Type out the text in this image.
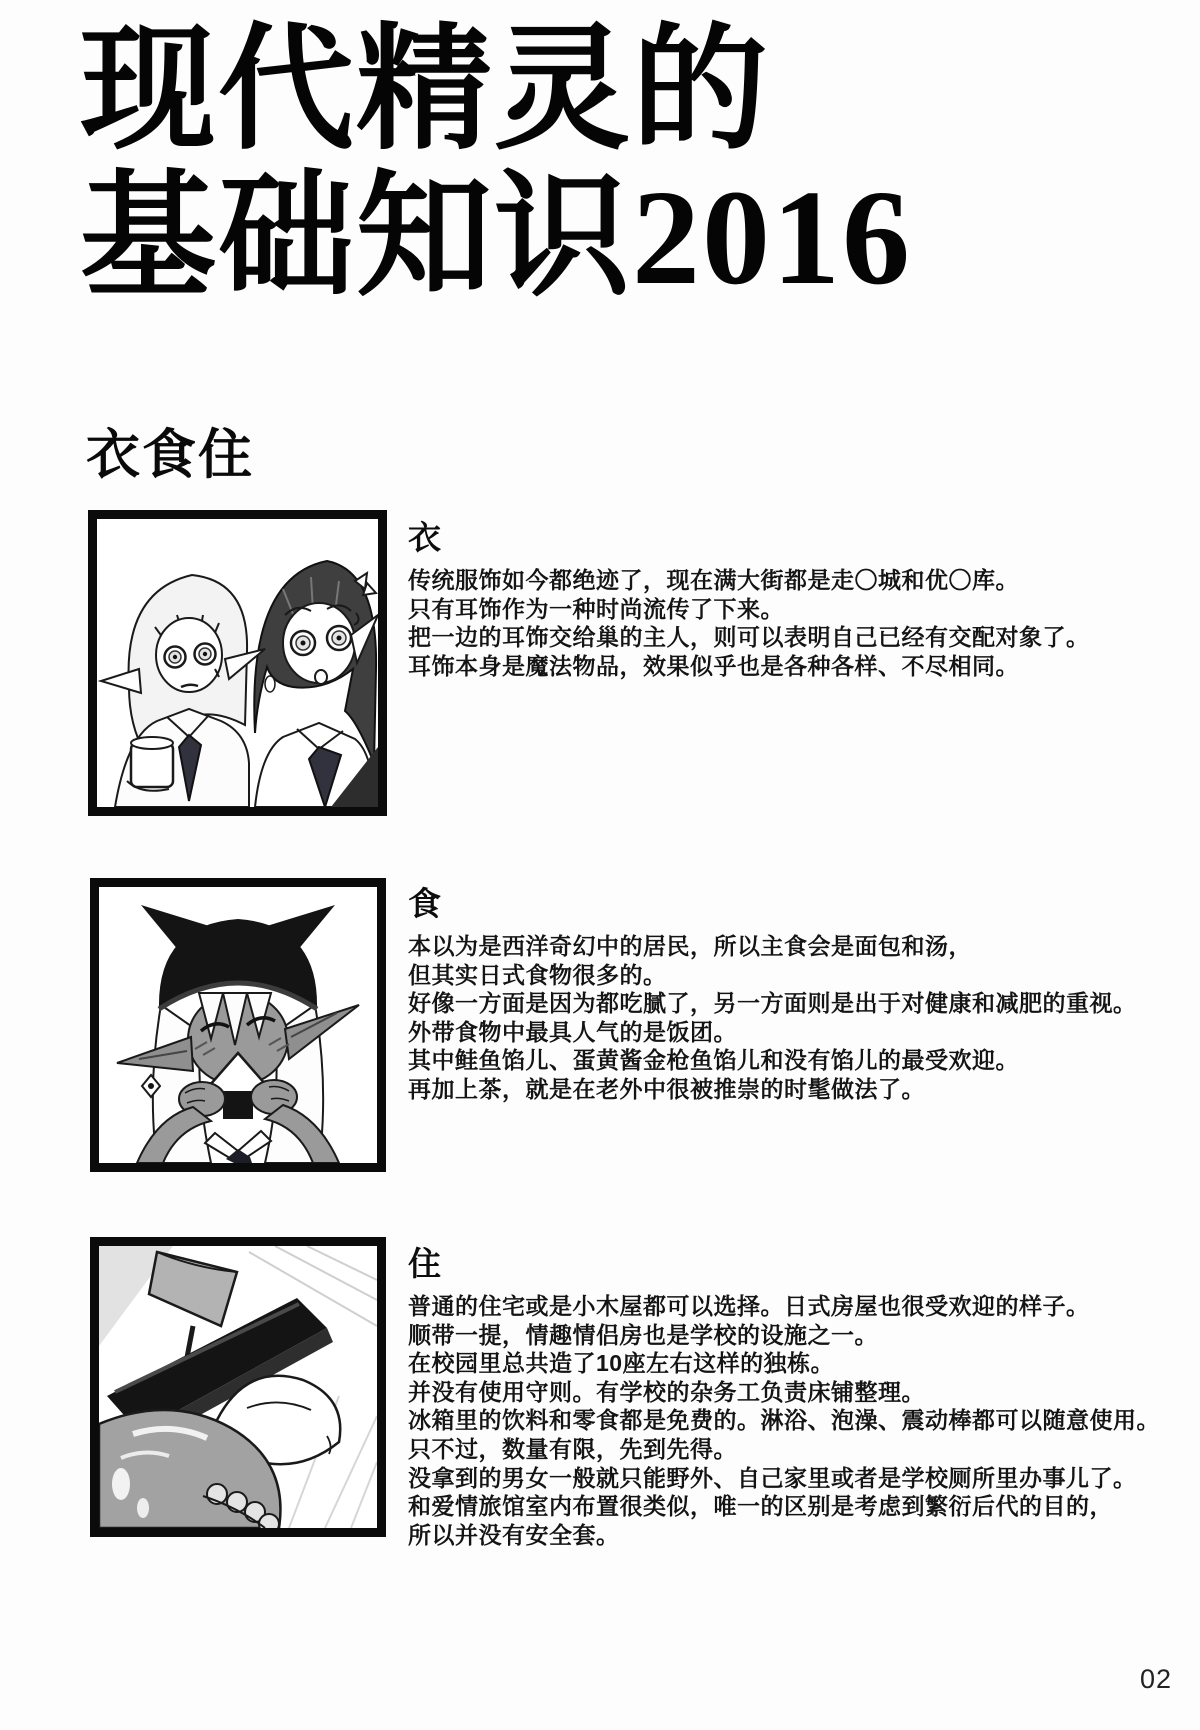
现代精灵的
基础知识2016
衣食住
衣
传统服饰如今都绝迹了，现在满大街都是走〇城和优〇库。
只有耳饰作为一种时尚流传了下来。
把一边的耳饰交给巢的主人，则可以表明自己已经有交配对象了。
耳饰本身是魔法物品，效果似乎也是各种各样、不尽相同。
食
本以为是西洋奇幻中的居民，所以主食会是面包和汤，
但其实日式食物很多的。
好像一方面是因为都吃腻了，另一方面则是出于对健康和减肥的重视。
外带食物中最具人气的是饭团。
其中鲑鱼馅儿、蛋黄酱金枪鱼馅儿和没有馅儿的最受欢迎。
再加上茶，就是在老外中很被推崇的时髦做法了。
住
普通的住宅或是小木屋都可以选择。日式房屋也很受欢迎的样子。
顺带一提，情趣情侣房也是学校的设施之一。
在校园里总共造了10座左右这样的独栋。
并没有使用守则。有学校的杂务工负责床铺整理。
冰箱里的饮料和零食都是免费的。淋浴、泡澡、震动棒都可以随意使用。
只不过，数量有限，先到先得。
没拿到的男女一般就只能野外、自己家里或者是学校厕所里办事儿了。
和爱情旅馆室内布置很类似，唯一的区别是考虑到繁衍后代的目的，
所以并没有安全套。
02
